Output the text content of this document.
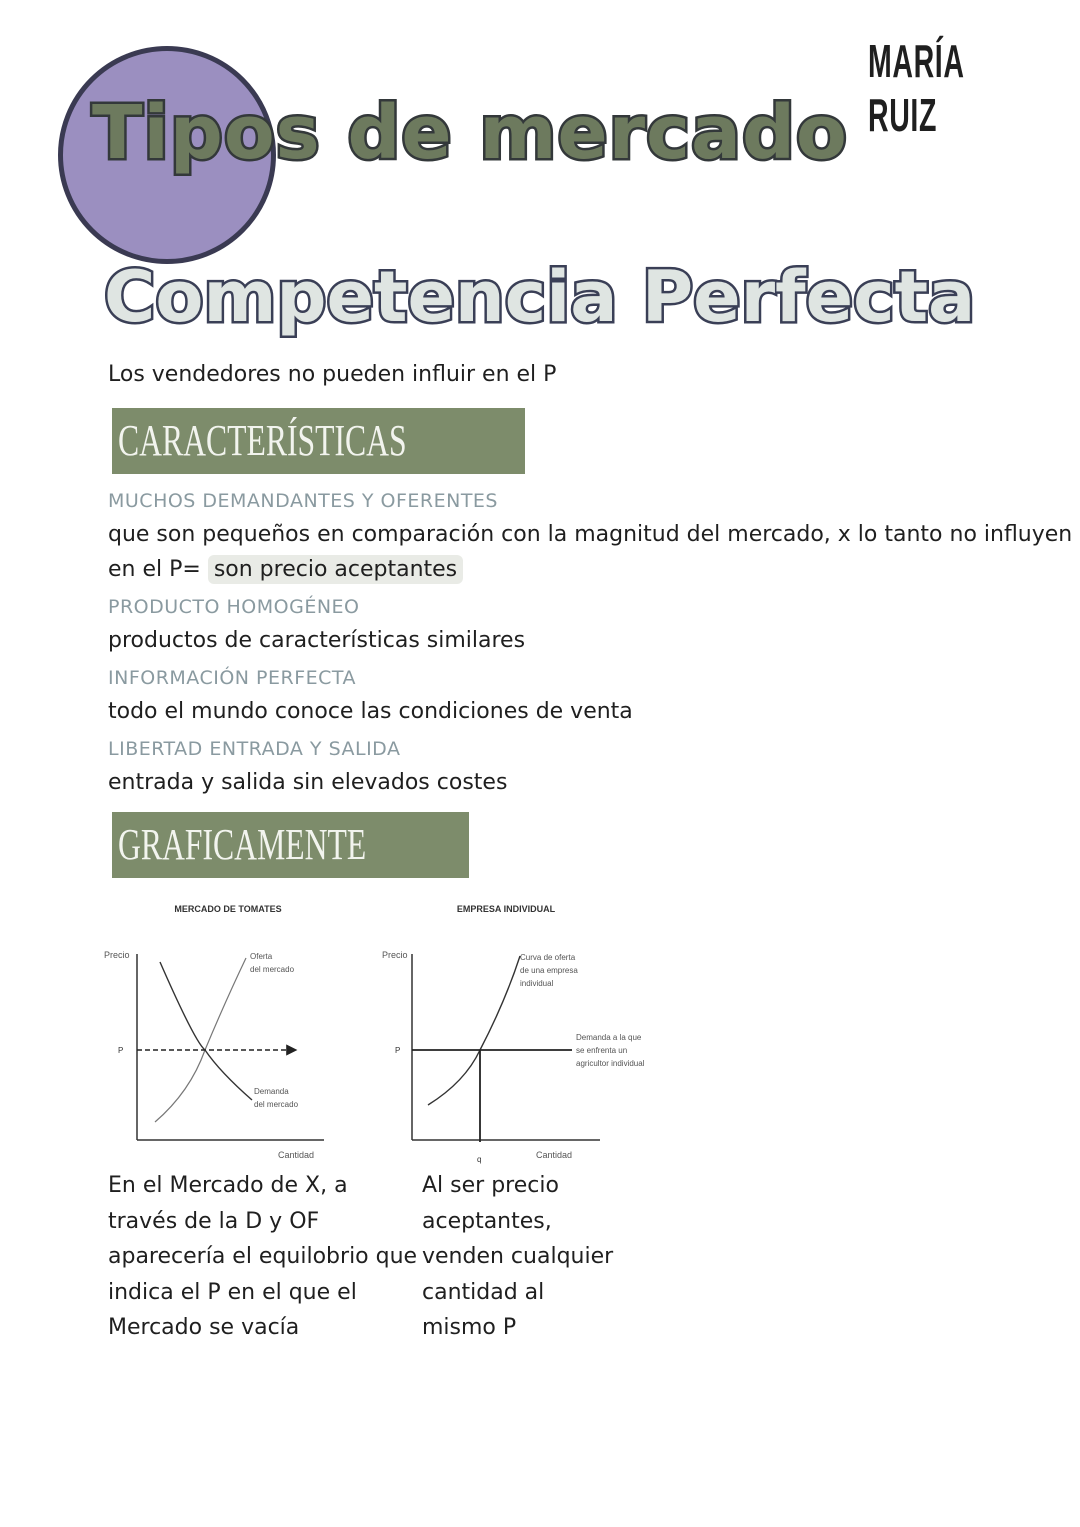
MARÍA RUIZ
Tipos de mercado
Competencia Perfecta
Los vendedores no pueden influir en el P
CARACTERÍSTICAS
MUCHOS DEMANDANTES Y OFERENTES
que son pequeños en comparación con la magnitud del mercado, x lo tanto no influyen
en el P= son precio aceptantes
PRODUCTO HOMOGÉNEO
productos de características similares
INFORMACIÓN PERFECTA
todo el mundo conoce las condiciones de venta
LIBERTAD ENTRADA Y SALIDA
entrada y salida sin elevados costes
GRAFICAMENTE
MERCADO DE TOMATES
Precio
Cantidad
P
Oferta del mercado
Demanda del mercado
EMPRESA INDIVIDUAL
Precio
Cantidad
P
q
Curva de oferta de una empresa individual
Demanda a la que se enfrenta un agricultor individual
En el Mercado de X, a
través de la D y OF
aparecería el equilobrio que
indica el P en el que el
Mercado se vacía
Al ser precio
aceptantes,
venden cualquier
cantidad al
mismo P
